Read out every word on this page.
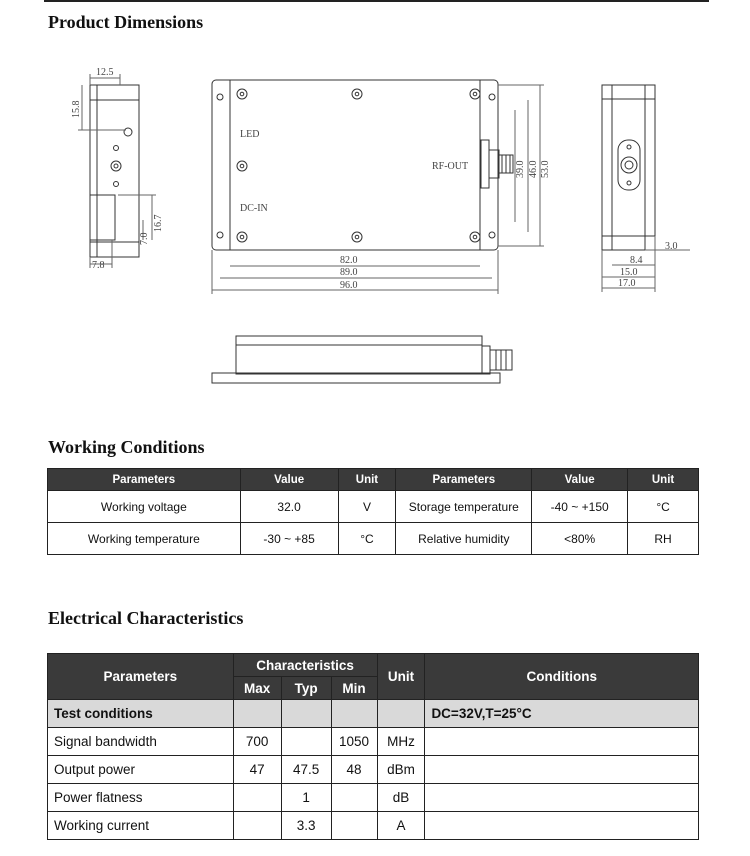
Product Dimensions
LED
RF-OUT
DC-IN
12.5
15.8
16.7
7.0
7.8	82.0
89.0
96.0
39.0 46.0 53.0
3.0
8.4
15.0
17.0
Working Conditions
Parameters	Value	Unit	Parameters	Value	Unit
Working voltage	32.0	V	Storage temperature	-40 ~ +150	°C
Working temperature	-30 ~ +85	°C	Relative humidity	<80%	RH
Electrical Characteristics
Parameters	Characteristics			Unit	Conditions
	Max	Typ	Min		
Test conditions					DC=32V,T=25°C
Signal bandwidth	700		1050	MHz	
Output power	47	47.5	48	dBm	
Power flatness		1		dB	
Working current		3.3		A	
